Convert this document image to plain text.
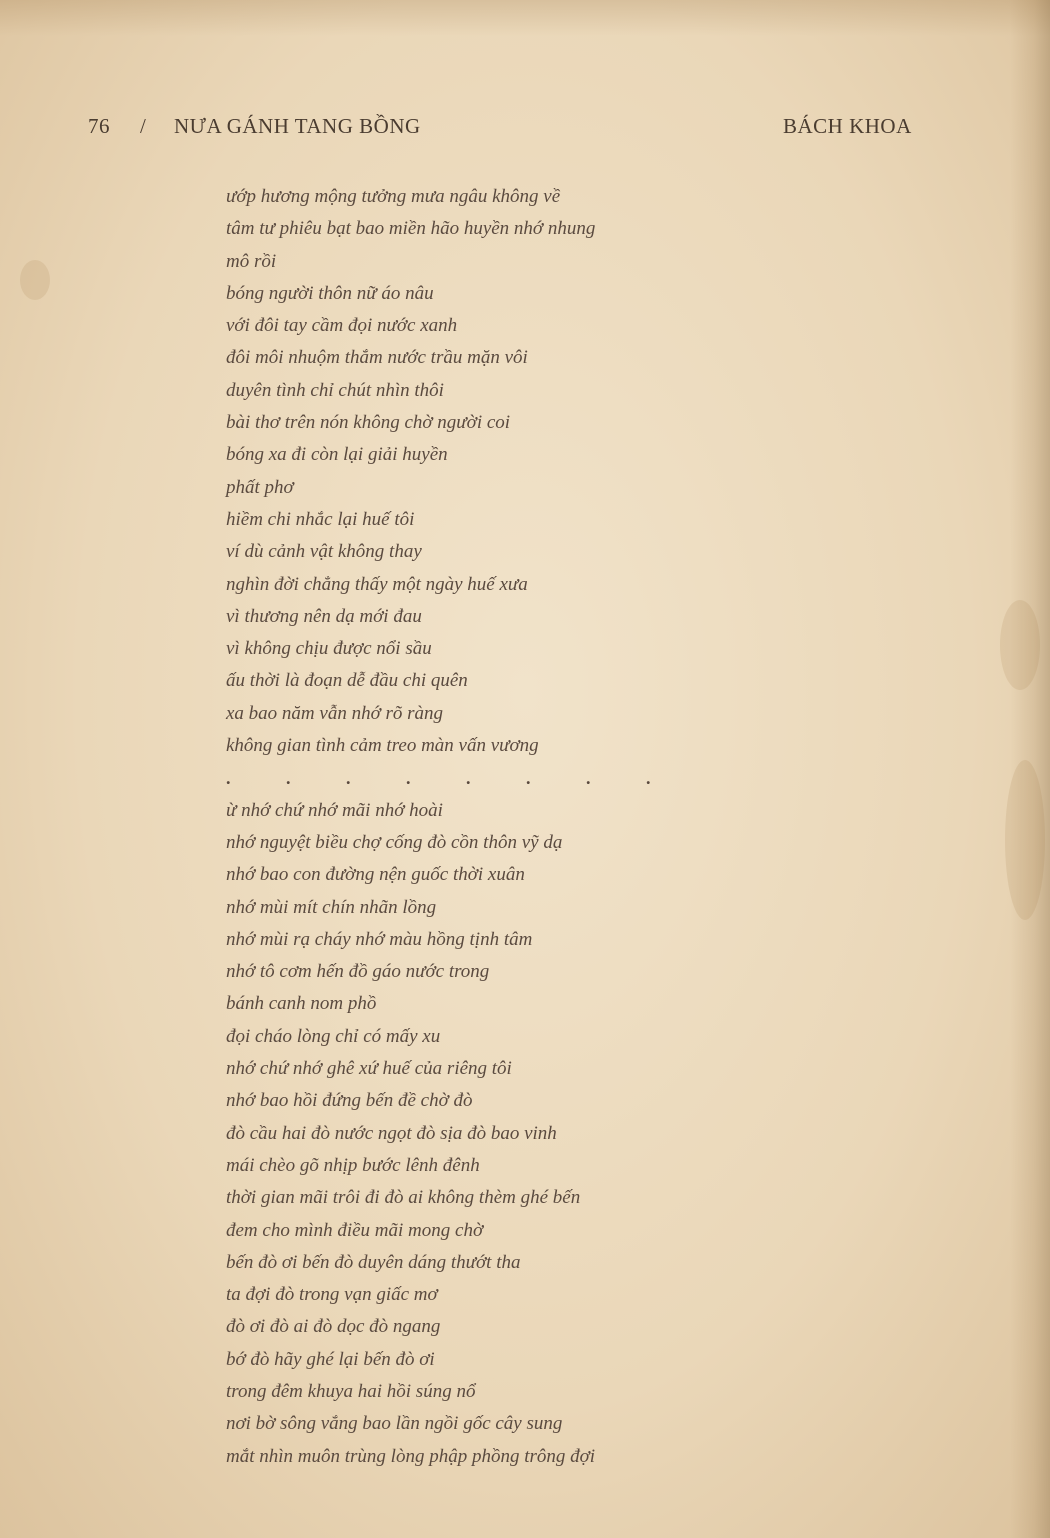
76 / NƯA GÁNH TANG BỒNG	BÁCH KHOA
ướp hương mộng tưởng mưa ngâu không về
tâm tư phiêu bạt bao miền hão huyền nhớ nhung
mô rồi
bóng người thôn nữ áo nâu
với đôi tay cầm đọi nước xanh
đôi môi nhuộm thắm nước trầu mặn vôi
duyên tình chỉ chút nhìn thôi
bài thơ trên nón không chờ người coi
bóng xa đi còn lại giải huyền
phất phơ
hiềm chi nhắc lại huế tôi
ví dù cảnh vật không thay
nghìn đời chẳng thấy một ngày huế xưa
vì thương nên dạ mới đau
vì không chịu được nổi sầu
ấu thời là đoạn dễ đầu chi quên
xa bao năm vẫn nhớ rõ ràng
không gian tình cảm treo màn vấn vương
.	.	.	.	.	.	.	.
ừ nhớ chứ nhớ mãi nhớ hoài
nhớ nguyệt biều chợ cống đò cồn thôn vỹ dạ
nhớ bao con đường nện guốc thời xuân
nhớ mùi mít chín nhãn lồng
nhớ mùi rạ cháy nhớ màu hồng tịnh tâm
nhớ tô cơm hến đồ gáo nước trong
bánh canh nom phồ
đọi cháo lòng chỉ có mấy xu
nhớ chứ nhớ ghê xứ huế của riêng tôi
nhớ bao hồi đứng bến đề chờ đò
đò cầu hai đò nước ngọt đò sịa đò bao vinh
mái chèo gõ nhịp bước lênh đênh
thời gian mãi trôi đi đò ai không thèm ghé bến
đem cho mình điều mãi mong chờ
bến đò ơi bến đò duyên dáng thướt tha
ta đợi đò trong vạn giấc mơ
đò ơi đò ai đò dọc đò ngang
bớ đò hãy ghé lại bến đò ơi
trong đêm khuya hai hồi súng nổ
nơi bờ sông vắng bao lần ngồi gốc cây sung
mắt nhìn muôn trùng lòng phập phồng trông đợi
